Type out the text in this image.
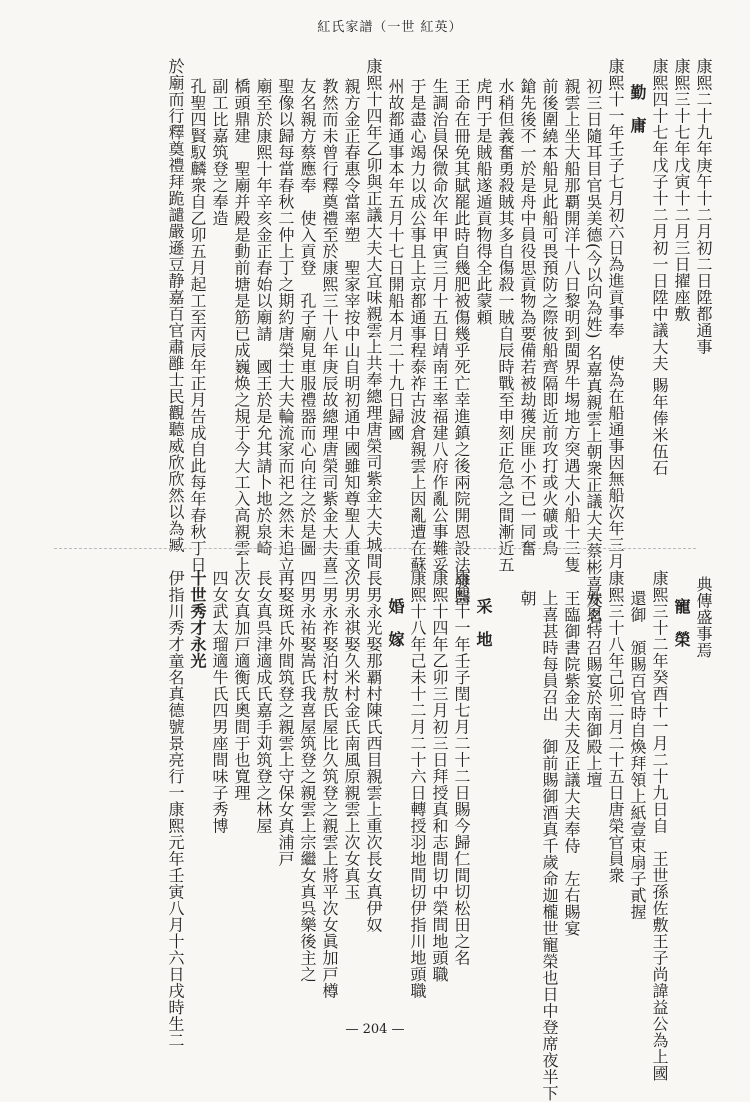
紅氏家譜（一世 紅英）
康熙二十九年庚午十二月初二日陞都通事
康熙三十七年戊寅十二月三日擢座敷
康熙四十七年戊子十二月初一日陞中議大夫 賜年俸米伍石
勤　庸
康熙十一年壬子七月初六日為進貢事奉　使為在船通事因無船次年三月
初三日隨耳目官吳美德(今以向為姓) 名嘉真親雲上朝衆正議大夫蔡彬喜友名
親雲上坐大船那覇開洋十八日黎明到閩界牛埸地方突遇大小船十三隻
前後圍繞本船見此船可畏預防之際彼船齊隔即近前攻打或火礦或鳥
鎗先後不一於是舟中員役思貢物為要備若被劫獲戻匪小不已一同奮
水稍但義奮勇殺賊其多自傷殺一賊自辰時戰至申刻正危急之間漸近五
虎門于是賊船遂遁貢物得全此蒙頼
王命在冊免其賦罷此時自幾肥被傷幾乎死亡幸進鎮之後兩院開恩設法發醫
生調治員保微命次年甲寅三月十五日靖南王率福建八府作亂公事難妥
于是盡心竭力以成公事且上京都通事程泰祚古波倉親雲上因亂遭在蘇
州故都通事本年五月十七日開船本月二十九日歸國
康熙十四年乙卯與正議大夫大宜味親雲上共奉總理唐榮司紫金大夫城間
親方金正春惠令當率塑　聖家宰按中山自明初通中國雖知尊聖人重文
教然而未曾行釋奠禮至於康熙三十八年庚辰故總理唐榮司紫金大夫喜
友名親方蔡應奉　使入貢登　孔子廟見車服禮器而心向往之於是圖
聖像以歸每當春秋二仲上丁之期約唐榮士大夫輪流家而祀之然未追立
廟至於康熙十年辛亥金正春始以廟請　國王於是允其請卜地於泉崎
橋頭鼎建　聖廟并殿是動前塘是筋已成巍焕之規于今大工入高親雲上
副工比嘉筑登之奉造
孔聖四賢馭麟衆自乙卯五月起工至丙辰年正月告成自此每年春秋丁日
於廟而行釋奠禮拜跪譴嚴遜豆静嘉百官肅雝士民觀聽威欣欣然以為臧
典傳盛事焉
寵　榮
康熙三十二年癸酉十一月二十九日自　王世孫佐敷王子尚諱益公為上國
還御　頒賜百官時自煥拜領上紙壹束扇子貳握
康熙三十八年己卯二月二十五日唐榮官員衆
殊恩特召賜宴於南御殿上壇
王臨御書院紫金大夫及正議大夫奉侍　左右賜宴
上喜甚時每員召出　御前賜御酒真千歲命迦櫳世寵榮也日中登席夜半下
朝
采　地
康熙十一年壬子閏七月二十二日賜今歸仁間切松田之名
康熙十四年乙卯三月初三日拜授真和志間切中榮間地頭職
康熙十八年己未十二月二十六日轉授羽地間切伊指川地頭職
婚　嫁
長男永光娶那覇村陳氏西目親雲上重次長女真伊奴
次男永祺娶久米村金氏南風原親雲上次女真玉
三男永祚娶泊村敖氏屋比久筑登之親雲上將平次女眞加戸樽
四男永祐娶嵩氏我喜屋筑登之親雲上宗繼女真呉樂後主之
再娶斑氏外間筑登之親雲上守保女真浦戸
長女真呉津適成氏嘉手苅筑登之林屋
次女真加戸適衡氏奧間于也寬理
四女武太瑠適牛氏四男座間味子秀博
十世秀才永光
伊指川秀才童名真德號景亮行一康熙元年壬寅八月十六日戌時生二	— 204 —
